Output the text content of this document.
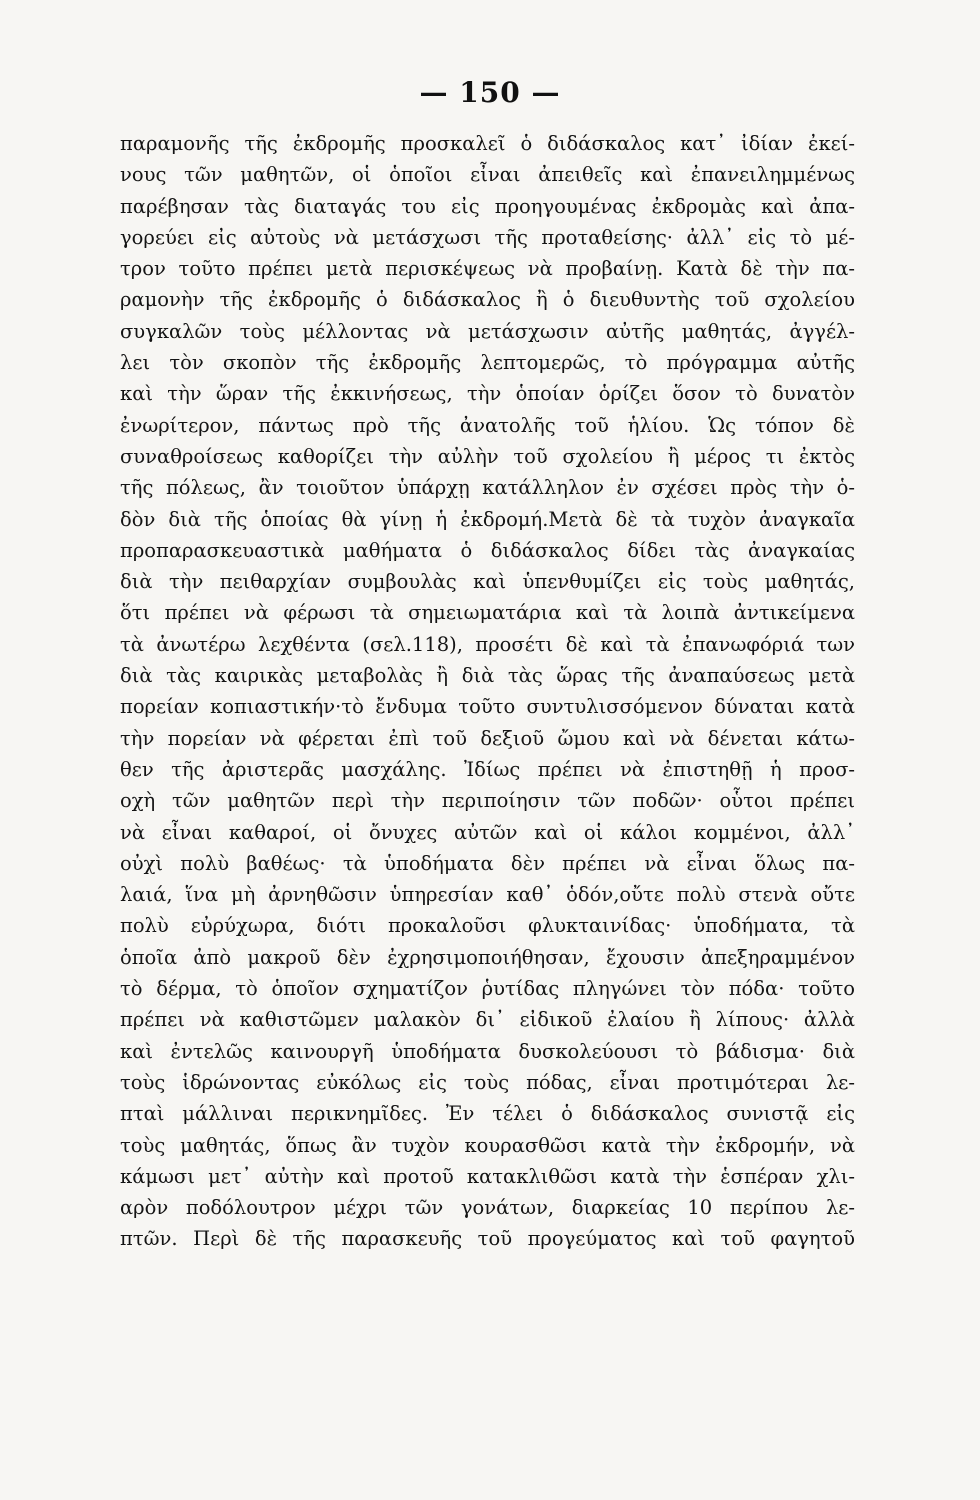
— 150 —
παραμονῆς τῆς ἐκδρομῆς προσκαλεῖ ὁ διδάσκαλος κατ᾽ ἰδίαν ἐκεί-
νους τῶν μαθητῶν, οἱ ὁποῖοι εἶναι ἀπειθεῖς καὶ ἐπανειλημμένως
παρέβησαν τὰς διαταγάς του εἰς προηγουμένας ἐκδρομὰς καὶ ἀπα-
γορεύει εἰς αὐτοὺς νὰ μετάσχωσι τῆς προταθείσης· ἀλλ᾽ εἰς τὸ μέ-
τρον τοῦτο πρέπει μετὰ περισκέψεως νὰ προβαίνῃ. Κατὰ δὲ τὴν πα-
ραμονὴν τῆς ἐκδρομῆς ὁ διδάσκαλος ἢ ὁ διευθυντὴς τοῦ σχολείου
συγκαλῶν τοὺς μέλλοντας νὰ μετάσχωσιν αὐτῆς μαθητάς, ἀγγέλ-
λει τὸν σκοπὸν τῆς ἐκδρομῆς λεπτομερῶς, τὸ πρόγραμμα αὐτῆς
καὶ τὴν ὥραν τῆς ἐκκινήσεως, τὴν ὁποίαν ὁρίζει ὅσον τὸ δυνατὸν
ἐνωρίτερον, πάντως πρὸ τῆς ἀνατολῆς τοῦ ἡλίου. Ὡς τόπον δὲ
συναθροίσεως καθορίζει τὴν αὐλὴν τοῦ σχολείου ἢ μέρος τι ἐκτὸς
τῆς πόλεως, ἂν τοιοῦτον ὑπάρχῃ κατάλληλον ἐν σχέσει πρὸς τὴν ὁ-
δὸν διὰ τῆς ὁποίας θὰ γίνῃ ἡ ἐκδρομή.Μετὰ δὲ τὰ τυχὸν ἀναγκαῖα
προπαρασκευαστικὰ μαθήματα ὁ διδάσκαλος δίδει τὰς ἀναγκαίας
διὰ τὴν πειθαρχίαν συμβουλὰς καὶ ὑπενθυμίζει εἰς τοὺς μαθητάς,
ὅτι πρέπει νὰ φέρωσι τὰ σημειωματάρια καὶ τὰ λοιπὰ ἀντικείμενα
τὰ ἀνωτέρω λεχθέντα (σελ.118), προσέτι δὲ καὶ τὰ ἐπανωφόριά των
διὰ τὰς καιρικὰς μεταβολὰς ἢ διὰ τὰς ὥρας τῆς ἀναπαύσεως μετὰ
πορείαν κοπιαστικήν·τὸ ἔνδυμα τοῦτο συντυλισσόμενον δύναται κατὰ
τὴν πορείαν νὰ φέρεται ἐπὶ τοῦ δεξιοῦ ὤμου καὶ νὰ δένεται κάτω-
θεν τῆς ἀριστερᾶς μασχάλης. Ἰδίως πρέπει νὰ ἐπιστηθῇ ἡ προσ-
οχὴ τῶν μαθητῶν περὶ τὴν περιποίησιν τῶν ποδῶν· οὗτοι πρέπει
νὰ εἶναι καθαροί, οἱ ὄνυχες αὐτῶν καὶ οἱ κάλοι κομμένοι, ἀλλ᾽
οὐχὶ πολὺ βαθέως· τὰ ὑποδήματα δὲν πρέπει νὰ εἶναι ὅλως πα-
λαιά, ἵνα μὴ ἀρνηθῶσιν ὑπηρεσίαν καθ᾽ ὁδόν,οὔτε πολὺ στενὰ οὔτε
πολὺ εὐρύχωρα, διότι προκαλοῦσι φλυκταινίδας· ὑποδήματα, τὰ
ὁποῖα ἀπὸ μακροῦ δὲν ἐχρησιμοποιήθησαν, ἔχουσιν ἀπεξηραμμένον
τὸ δέρμα, τὸ ὁποῖον σχηματίζον ῥυτίδας πληγώνει τὸν πόδα· τοῦτο
πρέπει νὰ καθιστῶμεν μαλακὸν δι᾽ εἰδικοῦ ἐλαίου ἢ λίπους· ἀλλὰ
καὶ ἐντελῶς καινουργῆ ὑποδήματα δυσκολεύουσι τὸ βάδισμα· διὰ
τοὺς ἱδρώνοντας εὐκόλως εἰς τοὺς πόδας, εἶναι προτιμότεραι λε-
πταὶ μάλλιναι περικνημῖδες. Ἐν τέλει ὁ διδάσκαλος συνιστᾷ εἰς
τοὺς μαθητάς, ὅπως ἂν τυχὸν κουρασθῶσι κατὰ τὴν ἐκδρομήν, νὰ
κάμωσι μετ᾽ αὐτὴν καὶ προτοῦ κατακλιθῶσι κατὰ τὴν ἑσπέραν χλι-
αρὸν ποδόλουτρον μέχρι τῶν γονάτων, διαρκείας 10 περίπου λε-
πτῶν. Περὶ δὲ τῆς παρασκευῆς τοῦ προγεύματος καὶ τοῦ φαγητοῦ
